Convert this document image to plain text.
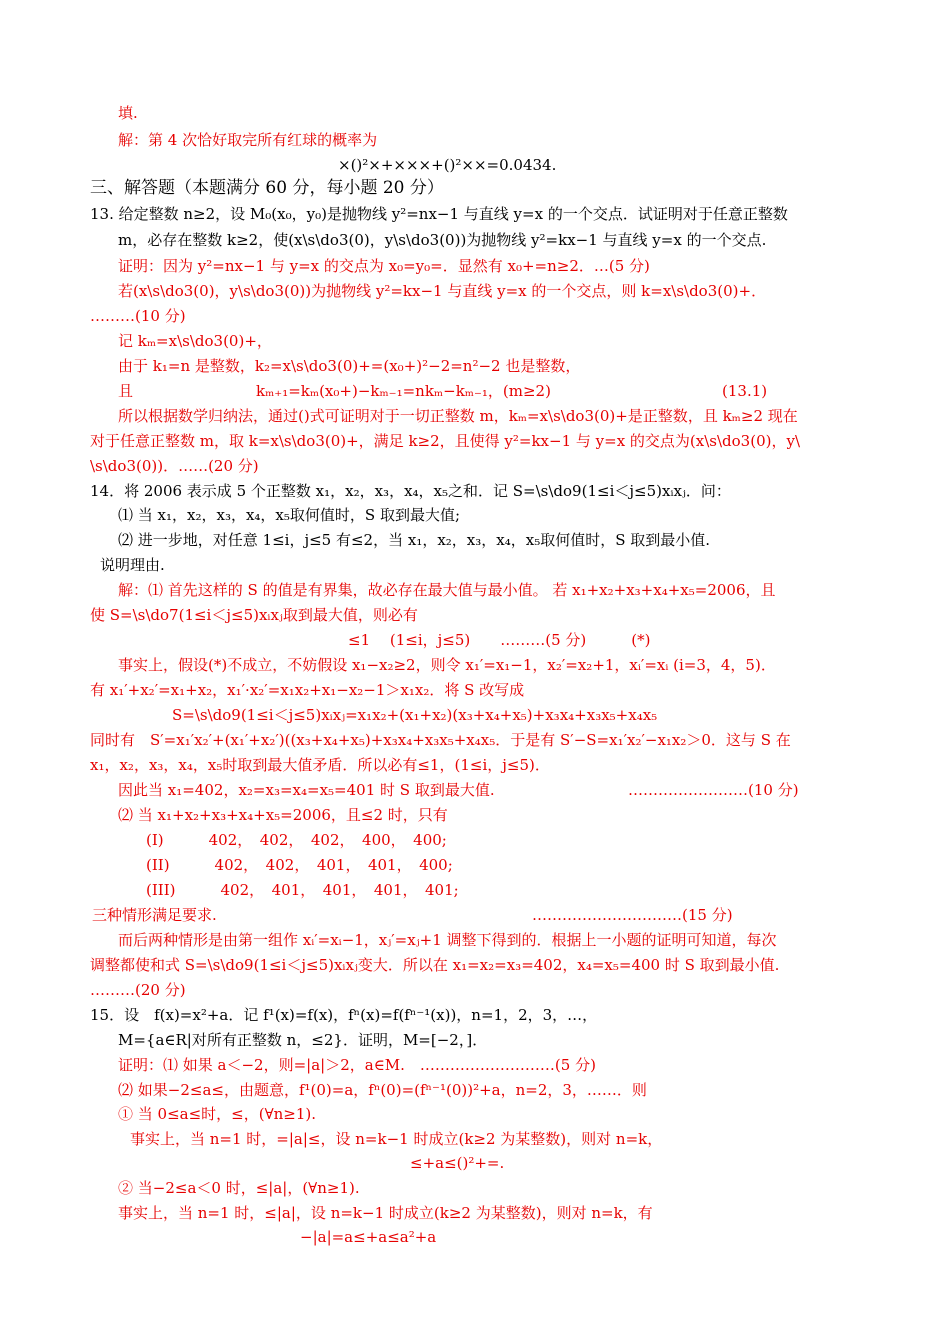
填.
解：第 4 次恰好取完所有红球的概率为
×()²×+×××+()²××=0.0434.
三、解答题（本题满分 60 分，每小题 20 分）
13. 给定整数 n≥2，设 M₀(x₀，y₀)是抛物线 y²=nx−1 与直线 y=x 的一个交点．试证明对于任意正整数
m，必存在整数 k≥2，使(x\s\do3(0)，y\s\do3(0))为抛物线 y²=kx−1 与直线 y=x 的一个交点.
证明：因为 y²=nx−1 与 y=x 的交点为 x₀=y₀=．显然有 x₀+=n≥2．…(5 分)
若(x\s\do3(0)，y\s\do3(0))为抛物线 y²=kx−1 与直线 y=x 的一个交点，则 k=x\s\do3(0)+．
………(10 分)
记 kₘ=x\s\do3(0)+，
由于 k₁=n 是整数，k₂=x\s\do3(0)+=(x₀+)²−2=n²−2 也是整数，
且	kₘ₊₁=kₘ(x₀+)−kₘ₋₁=nkₘ−kₘ₋₁，(m≥2)	(13.1)
所以根据数学归纳法，通过()式可证明对于一切正整数 m，kₘ=x\s\do3(0)+是正整数，且 kₘ≥2 现在
对于任意正整数 m，取 k=x\s\do3(0)+，满足 k≥2，且使得 y²=kx−1 与 y=x 的交点为(x\s\do3(0)，y\
\s\do3(0))．……(20 分)
14．将 2006 表示成 5 个正整数 x₁，x₂，x₃，x₄，x₅之和．记 S=\s\do9(1≤i＜j≤5)xᵢxⱼ．问：
⑴ 当 x₁，x₂，x₃，x₄，x₅取何值时，S 取到最大值;
⑵ 进一步地，对任意 1≤i，j≤5 有≤2，当 x₁，x₂，x₃，x₄，x₅取何值时，S 取到最小值.
说明理由.
解：⑴ 首先这样的 S 的值是有界集，故必存在最大值与最小值。 若 x₁+x₂+x₃+x₄+x₅=2006，且
使 S=\s\do7(1≤i＜j≤5)xᵢxⱼ取到最大值，则必有
≤1　 (1≤i，j≤5)　　………(5 分)　　　(*)
事实上，假设(*)不成立，不妨假设 x₁−x₂≥2，则令 x₁′=x₁−1，x₂′=x₂+1，xᵢ′=xᵢ (i=3，4，5)．
有 x₁′+x₂′=x₁+x₂，x₁′·x₂′=x₁x₂+x₁−x₂−1＞x₁x₂．将 S 改写成
S=\s\do9(1≤i＜j≤5)xᵢxⱼ=x₁x₂+(x₁+x₂)(x₃+x₄+x₅)+x₃x₄+x₃x₅+x₄x₅
同时有　S′=x₁′x₂′+(x₁′+x₂′)((x₃+x₄+x₅)+x₃x₄+x₃x₅+x₄x₅．于是有 S′−S=x₁′x₂′−x₁x₂＞0．这与 S 在
x₁，x₂，x₃，x₄，x₅时取到最大值矛盾．所以必有≤1，(1≤i，j≤5)．
因此当 x₁=402，x₂=x₃=x₄=x₅=401 时 S 取到最大值.	……………………(10 分)
⑵ 当 x₁+x₂+x₃+x₄+x₅=2006，且≤2 时，只有
(I)　　　402，　402，　402，　400，　400;
(II)　　　402，　402，　401，　401，　400;
(III)　　　402，　401，　401，　401，　401;
三种情形满足要求.	…………………………(15 分)
而后两种情形是由第一组作 xᵢ′=xᵢ−1，xⱼ′=xⱼ+1 调整下得到的．根据上一小题的证明可知道，每次
调整都使和式 S=\s\do9(1≤i＜j≤5)xᵢxⱼ变大．所以在 x₁=x₂=x₃=402，x₄=x₅=400 时 S 取到最小值.
………(20 分)
15．设　f(x)=x²+a．记 f¹(x)=f(x)，fⁿ(x)=f(fⁿ⁻¹(x))，n=1，2，3，…，
M={a∈R|对所有正整数 n，≤2}．证明，M=[−2，]．
证明：⑴ 如果 a＜−2，则=|a|＞2，a∈M.　………………………(5 分)
⑵ 如果−2≤a≤，由题意，f¹(0)=a，fⁿ(0)=(fⁿ⁻¹(0))²+a，n=2，3，……．则
① 当 0≤a≤时，≤，(∀n≥1).
事实上，当 n=1 时，=|a|≤，设 n=k−1 时成立(k≥2 为某整数)，则对 n=k，
≤+a≤()²+=.
② 当−2≤a＜0 时，≤|a|，(∀n≥1).
事实上，当 n=1 时，≤|a|，设 n=k−1 时成立(k≥2 为某整数)，则对 n=k，有
−|a|=a≤+a≤a²+a
